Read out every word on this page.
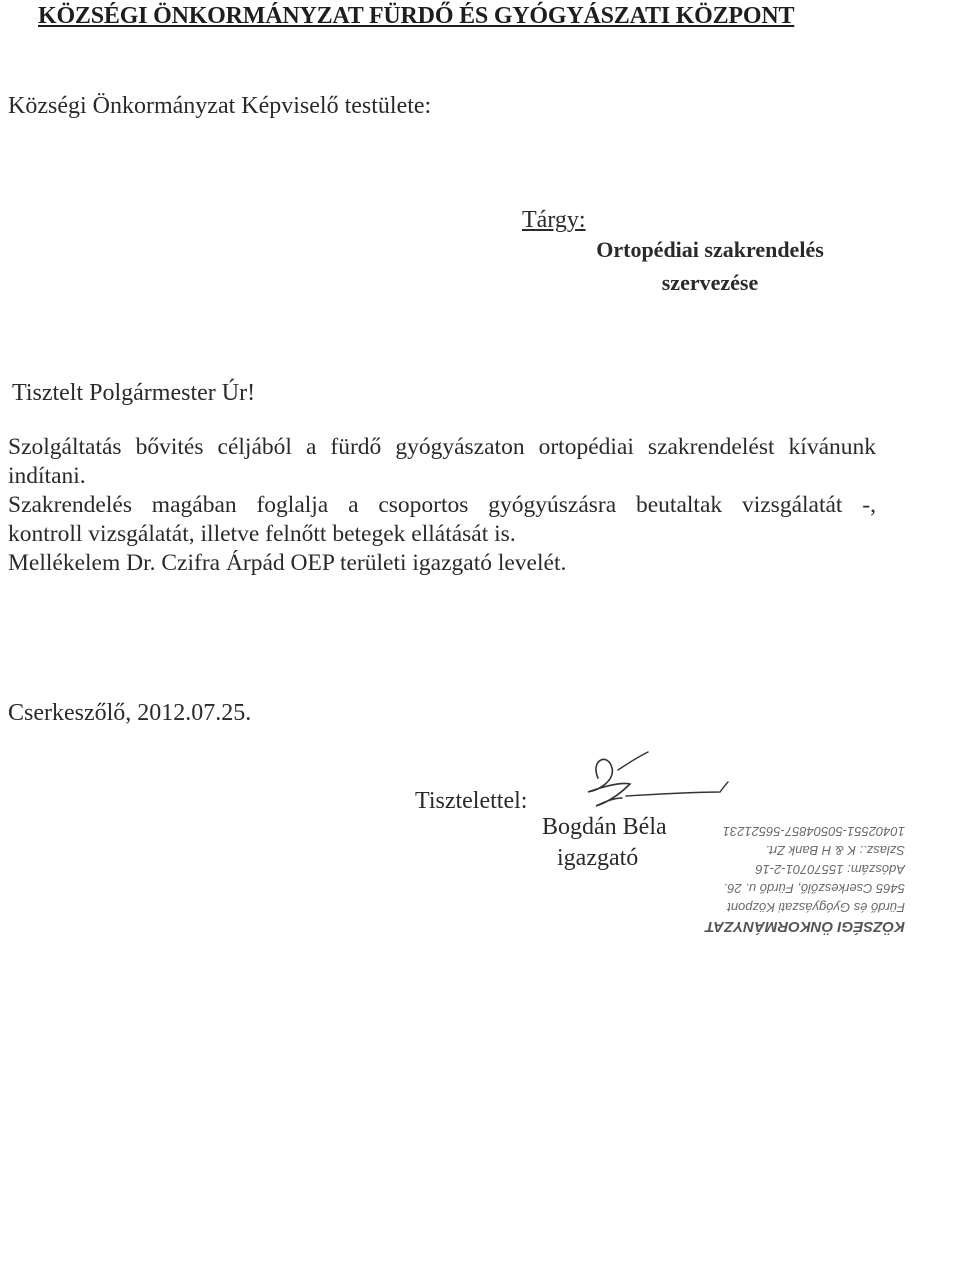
KÖZSÉGI ÖNKORMÁNYZAT FÜRDŐ ÉS GYÓGYÁSZATI KÖZPONT
Községi Önkormányzat Képviselő testülete:
Tárgy:
Ortopédiai szakrendelés
szervezése
Tisztelt Polgármester Úr!

Szolgáltatás bővités céljából a fürdő gyógyászaton ortopédiai szakrendelést kívánunk

indítani.

Szakrendelés magában foglalja a csoportos gyógyúszásra beutaltak vizsgálatát -,

kontroll vizsgálatát, illetve felnőtt betegek ellátását is.

Mellékelem Dr. Czifra Árpád OEP területi igazgató levelét.

Cserkeszőlő, 2012.07.25.
Tisztelettel:
Bogdán Béla
igazgató
KÖZSÉGI ÖNKORMÁNYZAT
Fürdő és Gyógyászati Központ
5465 Cserkeszőlő, Fürdő u. 26.
Adószám: 15570701-2-16
Szlasz.: K & H Bank Zrt.
10402551-50504857-56521231
